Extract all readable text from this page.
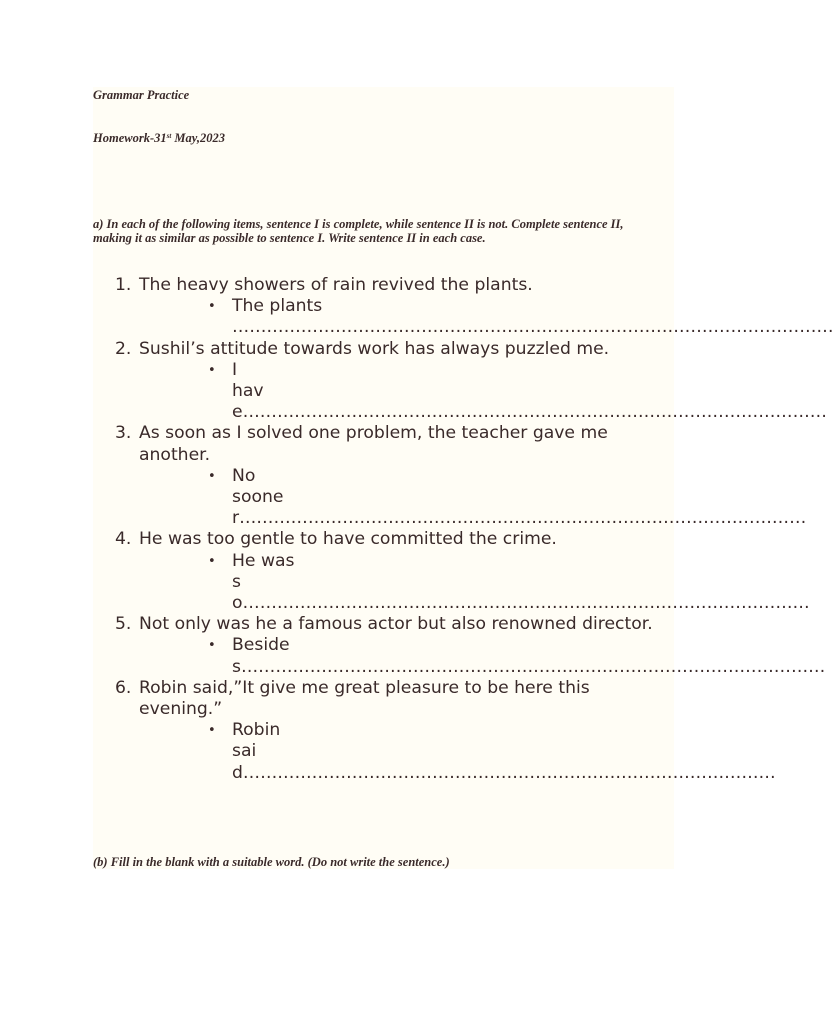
Grammar Practice
Homework-31st May,2023
a) In each of the following items, sentence I is complete, while sentence II is not. Complete sentence II, making it as similar as possible to sentence I. Write sentence II in each case.
1. The heavy showers of rain revived the plants.
• The plants
……………………………………………………………………………………………
2. Sushil’s attitude towards work has always puzzled me.
• I
have…………………………………………………………………………………………
3. As soon as I solved one problem, the teacher gave me another.
• No
sooner………………………………………………………………………………………
4. He was too gentle to have committed the crime.
• He was
so………………………………………………………………………………………
5. Not only was he a famous actor but also renowned director.
• Besides…………………………………………………………………………………………
6. Robin said,”It give me great pleasure to be here this evening.”
• Robin
said…………………………………………………………………………………
(b) Fill in the blank with a suitable word. (Do not write the sentence.)
